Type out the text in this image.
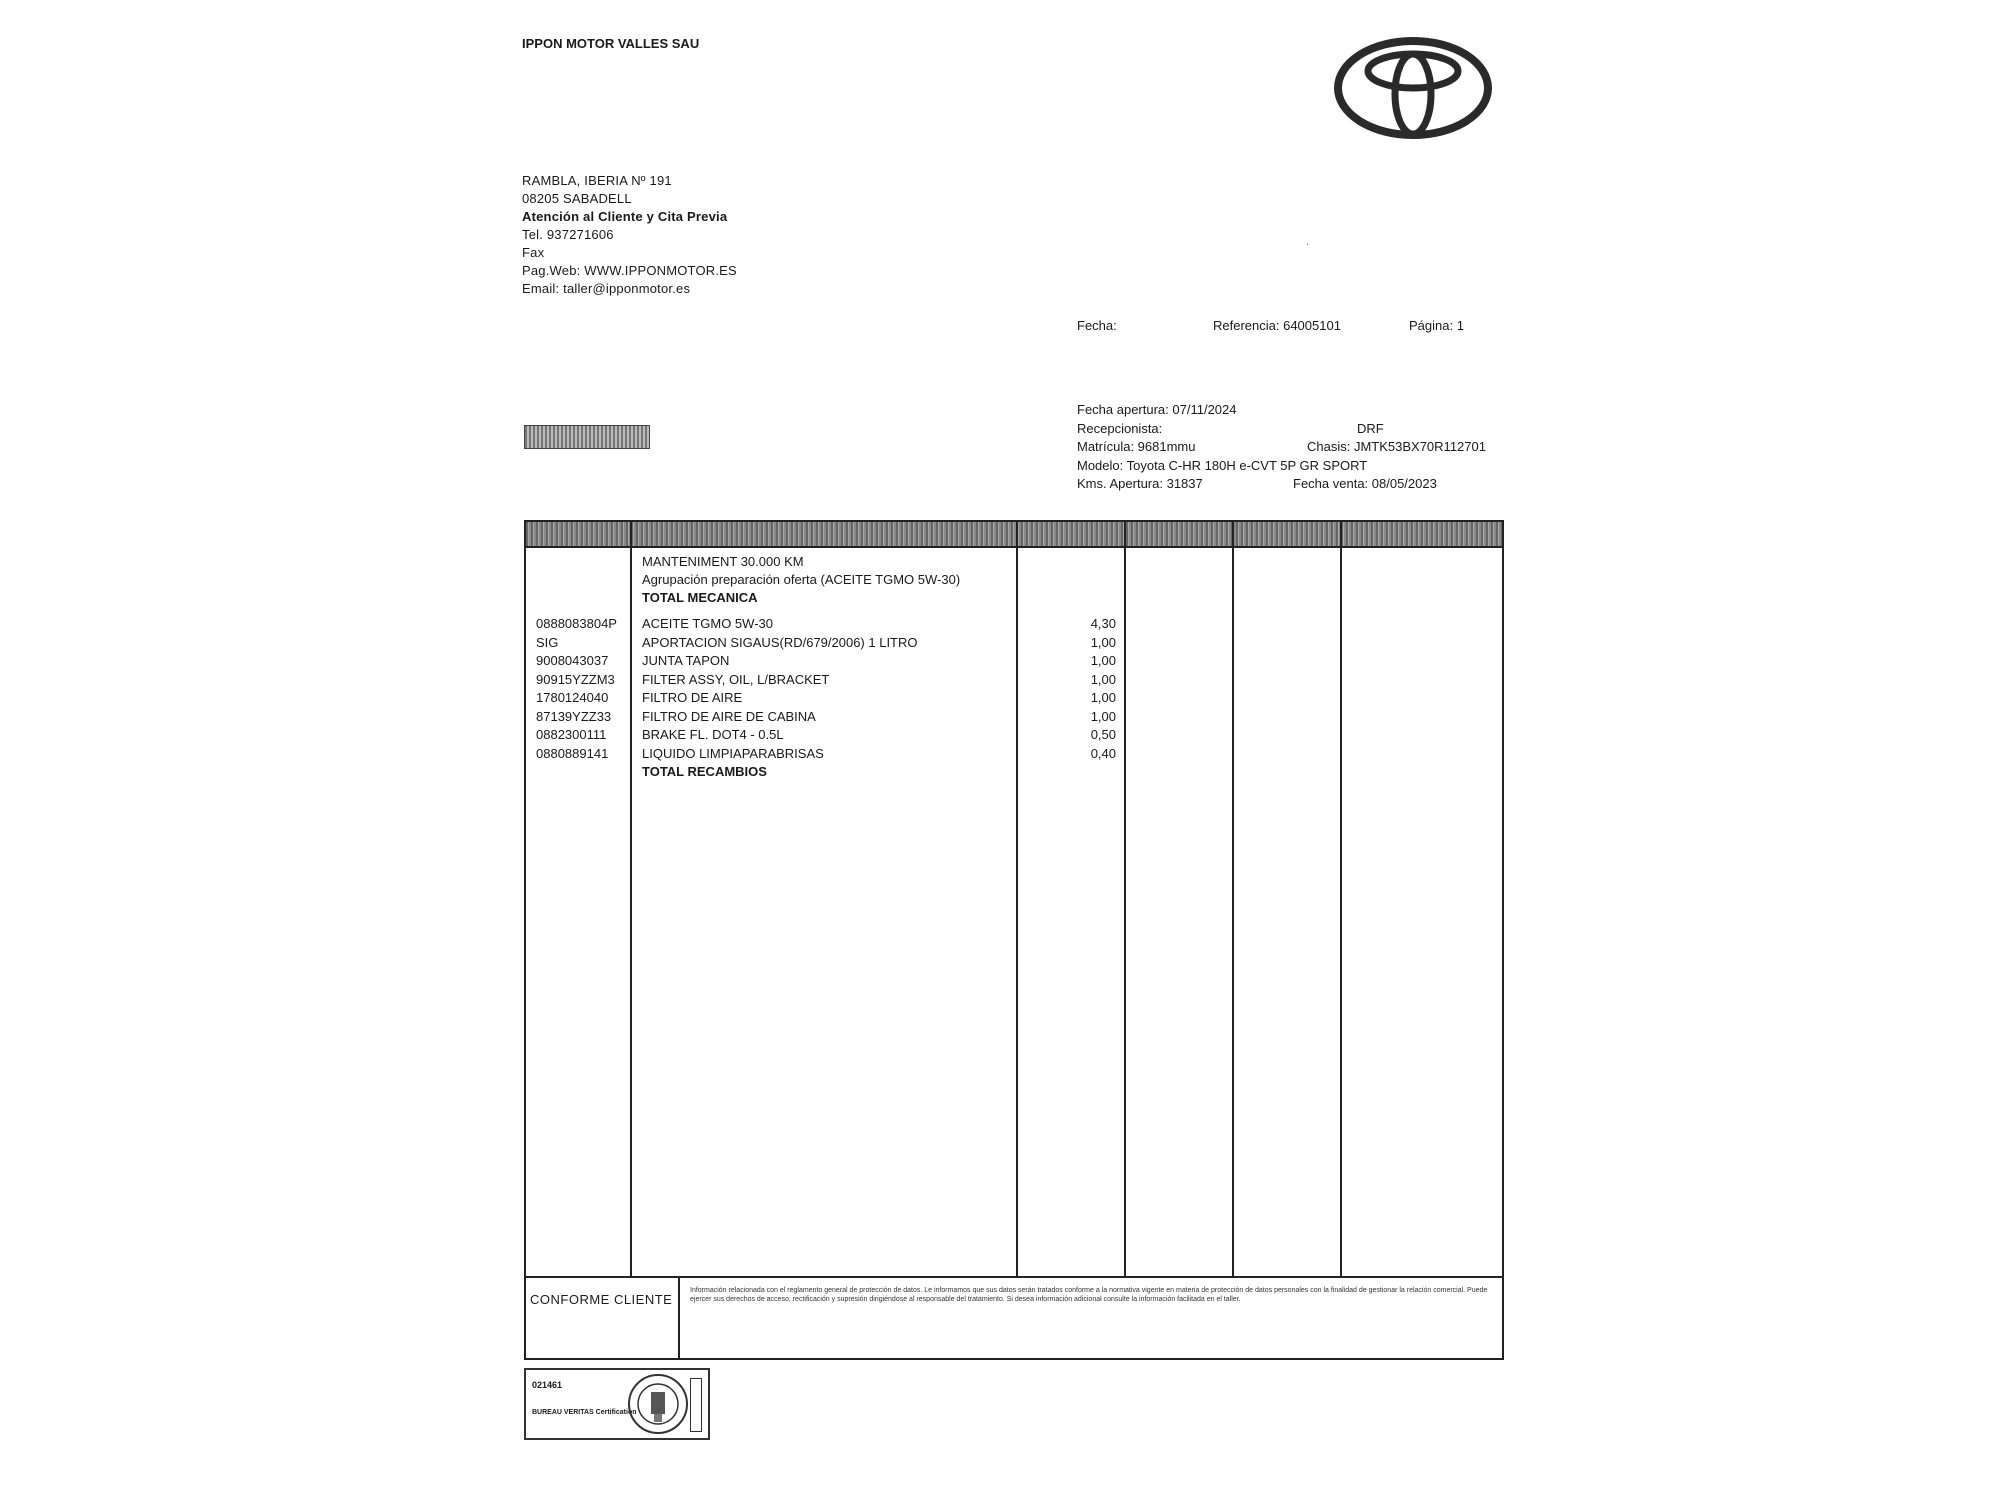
IPPON MOTOR VALLES SAU
RAMBLA, IBERIA Nº 191
08205 SABADELL
Atención al Cliente y Cita Previa
Tel. 937271606
Fax
Pag.Web: WWW.IPPONMOTOR.ES
Email: taller@ipponmotor.es
.
Fecha:	Referencia: 64005101	Página: 1
Fecha apertura: 07/11/2024
Recepcionista:	DRF
Matrícula: 9681mmu	Chasis: JMTK53BX70R112701
Modelo: Toyota C-HR 180H e-CVT 5P GR SPORT
Kms. Apertura: 31837	Fecha venta: 08/05/2023
MANTENIMENT 30.000 KM
Agrupación preparación oferta (ACEITE TGMO 5W-30)
TOTAL MECANICA
0888083804P ACEITE TGMO 5W-30	4,30
SIG	APORTACION SIGAUS(RD/679/2006) 1 LITRO	1,00
9008043037	JUNTA TAPON	1,00
90915YZZM3 FILTER ASSY, OIL, L/BRACKET	1,00
1780124040	FILTRO DE AIRE	1,00
87139YZZ33 FILTRO DE AIRE DE CABINA	1,00
0882300111	BRAKE FL. DOT4 - 0.5L	0,50
0880889141	LIQUIDO LIMPIAPARABRISAS	0,40
TOTAL RECAMBIOS
CONFORME CLIENTE
Información relacionada con el reglamento general de protección de datos. Le informamos que sus datos serán tratados conforme a la normativa vigente en materia de protección de datos personales con la finalidad de gestionar la relación comercial. Puede ejercer sus derechos de acceso, rectificación y supresión dirigiéndose al responsable del tratamiento. Si desea información adicional consulte la información facilitada en el taller.
021461
BUREAU VERITAS Certification
